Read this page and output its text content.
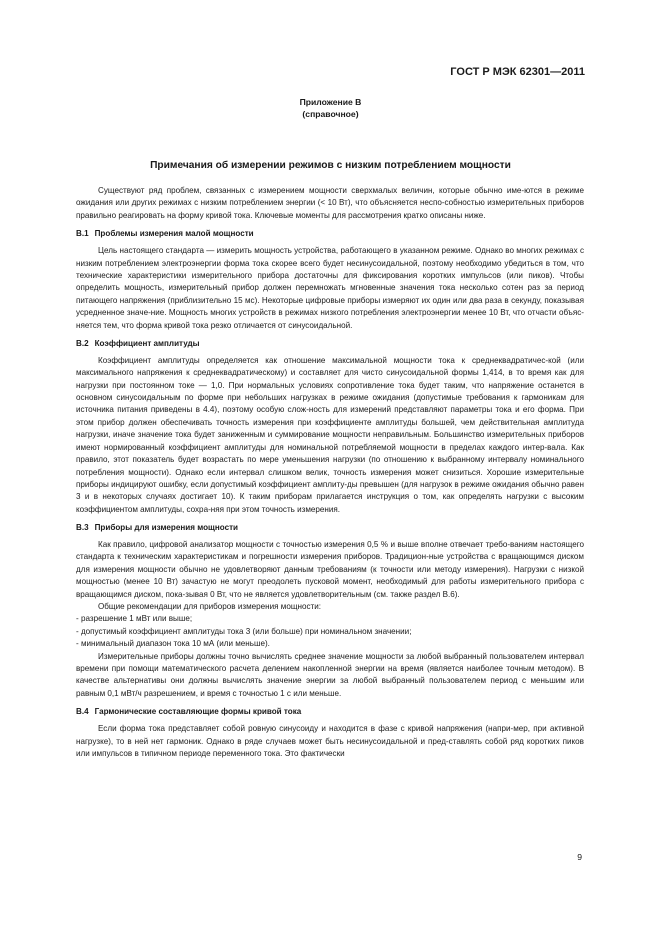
ГОСТ Р МЭК 62301—2011
Приложение В
(справочное)
Примечания об измерении режимов с низким потреблением мощности

Существуют ряд проблем, связанных с измерением мощности сверхмалых величин, которые обычно име-ются в режиме ожидания или других режимах с низким потреблением энергии (< 10 Вт), что объясняется неспо-собностью измерительных приборов правильно реагировать на форму кривой тока. Ключевые моменты для рассмотрения кратко описаны ниже.

В.1 Проблемы измерения малой мощности

Цель настоящего стандарта — измерить мощность устройства, работающего в указанном режиме. Однако во многих режимах с низким потреблением электроэнергии форма тока скорее всего будет несинусоидальной, поэтому необходимо убедиться в том, что технические характеристики измерительного прибора достаточны для фиксирования коротких импульсов (или пиков). Чтобы определить мощность, измерительный прибор должен перемножать мгновенные значения тока несколько сотен раз за период питающего напряжения (приблизительно 15 мс). Некоторые цифровые приборы измеряют их один или два раза в секунду, показывая усредненное значе-ние. Мощность многих устройств в режимах низкого потребления электроэнергии менее 10 Вт, что отчасти объяс-няется тем, что форма кривой тока резко отличается от синусоидальной.

В.2 Коэффициент амплитуды

Коэффициент амплитуды определяется как отношение максимальной мощности тока к среднеквадратичес-кой (или максимального напряжения к среднеквадратическому) и составляет для чисто синусоидальной формы 1,414, в то время как для нагрузки при постоянном токе — 1,0. При нормальных условиях сопротивление тока будет таким, что напряжение останется в основном синусоидальным по форме при небольших нагрузках в режиме ожидания (допустимые требования к гармоникам для источника питания приведены в 4.4), поэтому особую слож-ность для измерений представляют параметры тока и его форма. При этом прибор должен обеспечивать точность измерения при коэффициенте амплитуды большей, чем действительная амплитуда нагрузки, иначе значение тока будет заниженным и суммирование мощности неправильным. Большинство измерительных приборов имеют нормированный коэффициент амплитуды для номинальной потребляемой мощности в пределах каждого интер-вала. Как правило, этот показатель будет возрастать по мере уменьшения нагрузки (по отношению к выбранному интервалу номинального потребления мощности). Однако если интервал слишком велик, точность измерения может снизиться. Хорошие измерительные приборы индицируют ошибку, если допустимый коэффициент амплиту-ды превышен (для нагрузок в режиме ожидания обычно равен 3 и в некоторых случаях достигает 10). К таким приборам прилагается инструкция о том, как определять нагрузки с высоким коэффициентом амплитуды, сохра-няя при этом точность измерения.

В.3 Приборы для измерения мощности

Как правило, цифровой анализатор мощности с точностью измерения 0,5 % и выше вполне отвечает требо-ваниям настоящего стандарта к техническим характеристикам и погрешности измерения приборов. Традицион-ные устройства с вращающимся диском для измерения мощности обычно не удовлетворяют данным требованиям (к точности или методу измерения). Нагрузки с низкой мощностью (менее 10 Вт) зачастую не могут преодолеть пусковой момент, необходимый для работы измерительного прибора с вращающимся диском, пока-зывая 0 Вт, что не является удовлетворительным (см. также раздел В.6).

Общие рекомендации для приборов измерения мощности:

- разрешение 1 мВт или выше;

- допустимый коэффициент амплитуды тока 3 (или больше) при номинальном значении;

- минимальный диапазон тока 10 мА (или меньше).

Измерительные приборы должны точно вычислять среднее значение мощности за любой выбранный пользователем интервал времени при помощи математического расчета делением накопленной энергии на время (является наиболее точным методом). В качестве альтернативы они должны вычислять значение энергии за любой выбранный пользователем период с меньшим или равным 0,1 мВт/ч разрешением, и время с точностью 1 с или меньше.

В.4 Гармонические составляющие формы кривой тока

Если форма тока представляет собой ровную синусоиду и находится в фазе с кривой напряжения (напри-мер, при активной нагрузке), то в ней нет гармоник. Однако в ряде случаев может быть несинусоидальной и пред-ставлять собой ряд коротких пиков или импульсов в типичном периоде переменного тока. Это фактически

9
